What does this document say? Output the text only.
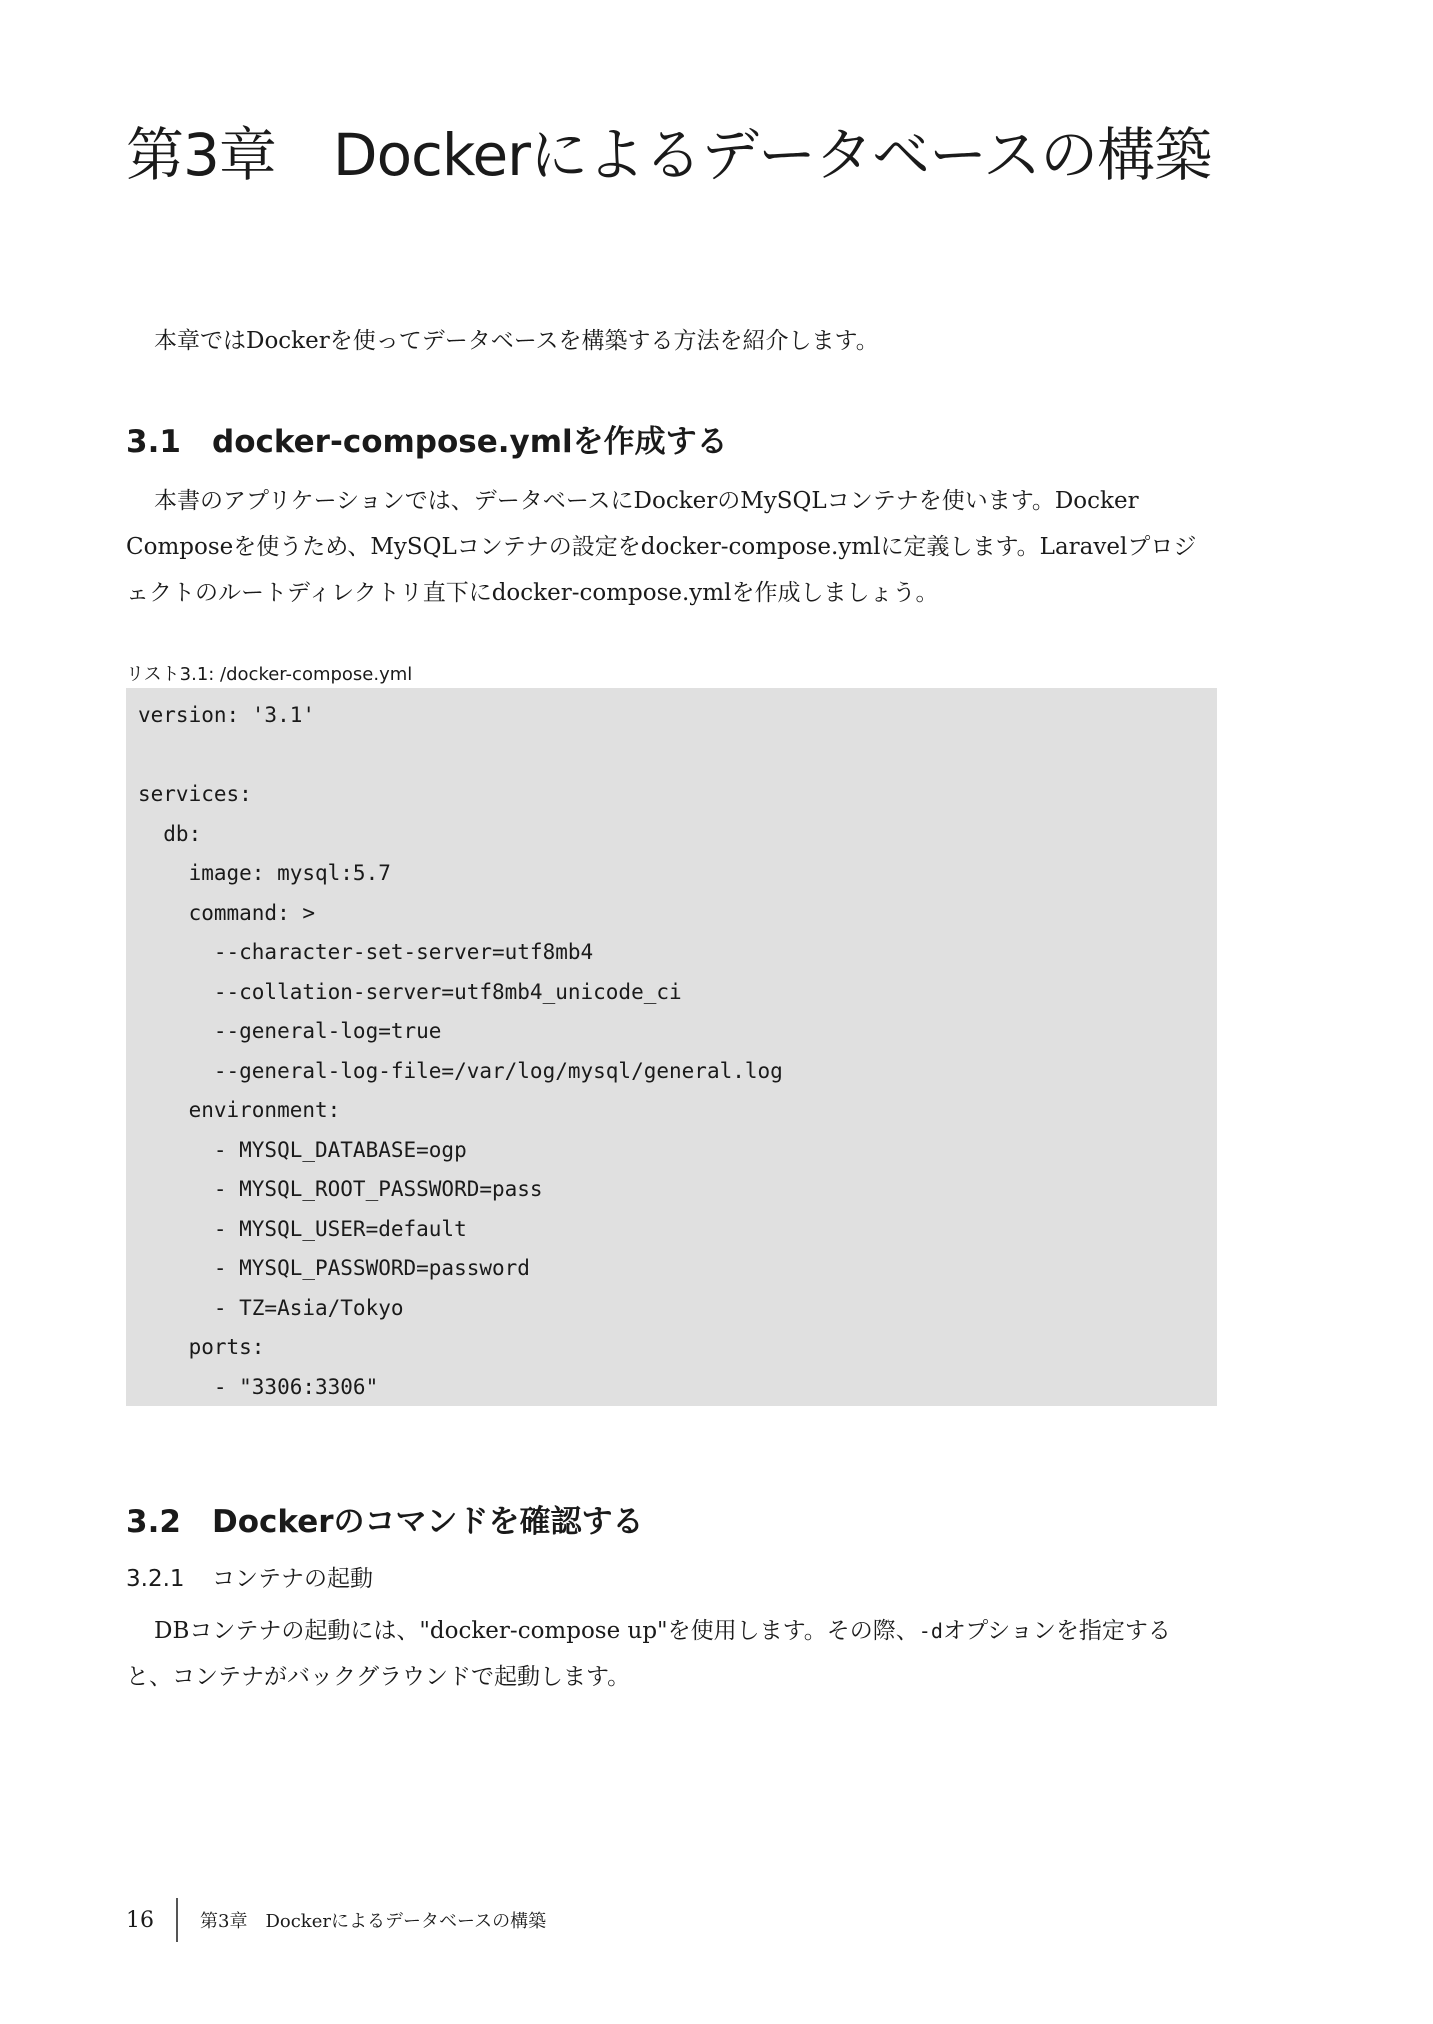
第3章　Dockerによるデータベースの構築

本章ではDockerを使ってデータベースを構築する方法を紹介します。

3.1 docker-compose.ymlを作成する

本書のアプリケーションでは、データベースにDockerのMySQLコンテナを使います。Docker Composeを使うため、MySQLコンテナの設定をdocker-compose.ymlに定義します。Laravelプロジェクトのルートディレクトリ直下にdocker-compose.ymlを作成しましょう。

リスト3.1: /docker-compose.yml

version: '3.1'
services:
db:
image: mysql:5.7
command: >
--character-set-server=utf8mb4
--collation-server=utf8mb4_unicode_ci
--general-log=true
--general-log-file=/var/log/mysql/general.log
environment:
- MYSQL_DATABASE=ogp
- MYSQL_ROOT_PASSWORD=pass
- MYSQL_USER=default
- MYSQL_PASSWORD=password
- TZ=Asia/Tokyo
ports:
- "3306:3306"
3.2 Dockerのコマンドを確認する
3.2.1 コンテナの起動

DBコンテナの起動には、"docker-compose up"を使用します。その際、-dオプションを指定すると、コンテナがバックグラウンドで起動します。

16	第3章　Dockerによるデータベースの構築
